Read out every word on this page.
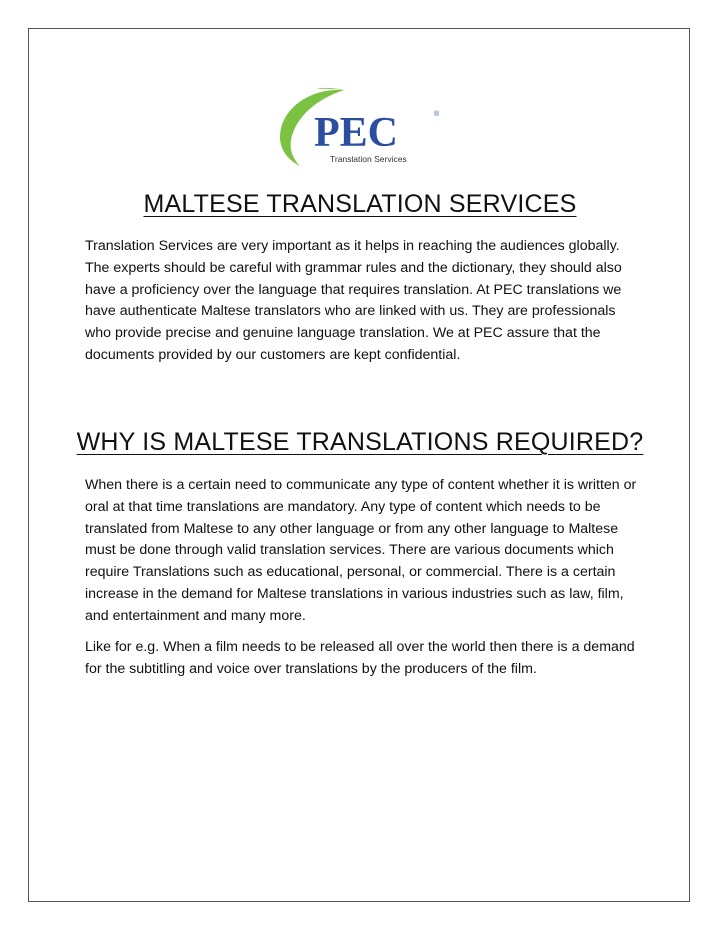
PEC	®
Translation Services
MALTESE TRANSLATION SERVICES

Translation Services are very important as it helps in reaching the audiences globally. The experts should be careful with grammar rules and the dictionary, they should also have a proficiency over the language that requires translation. At PEC translations we have authenticate Maltese translators who are linked with us. They are professionals who provide precise and genuine language translation. We at PEC assure that the documents provided by our customers are kept confidential.

WHY IS MALTESE TRANSLATIONS REQUIRED?

When there is a certain need to communicate any type of content whether it is written or oral at that time translations are mandatory. Any type of content which needs to be translated from Maltese to any other language or from any other language to Maltese must be done through valid translation services. There are various documents which require Translations such as educational, personal, or commercial. There is a certain increase in the demand for Maltese translations in various industries such as law, film, and entertainment and many more.

Like for e.g. When a film needs to be released all over the world then there is a demand for the subtitling and voice over translations by the producers of the film.
